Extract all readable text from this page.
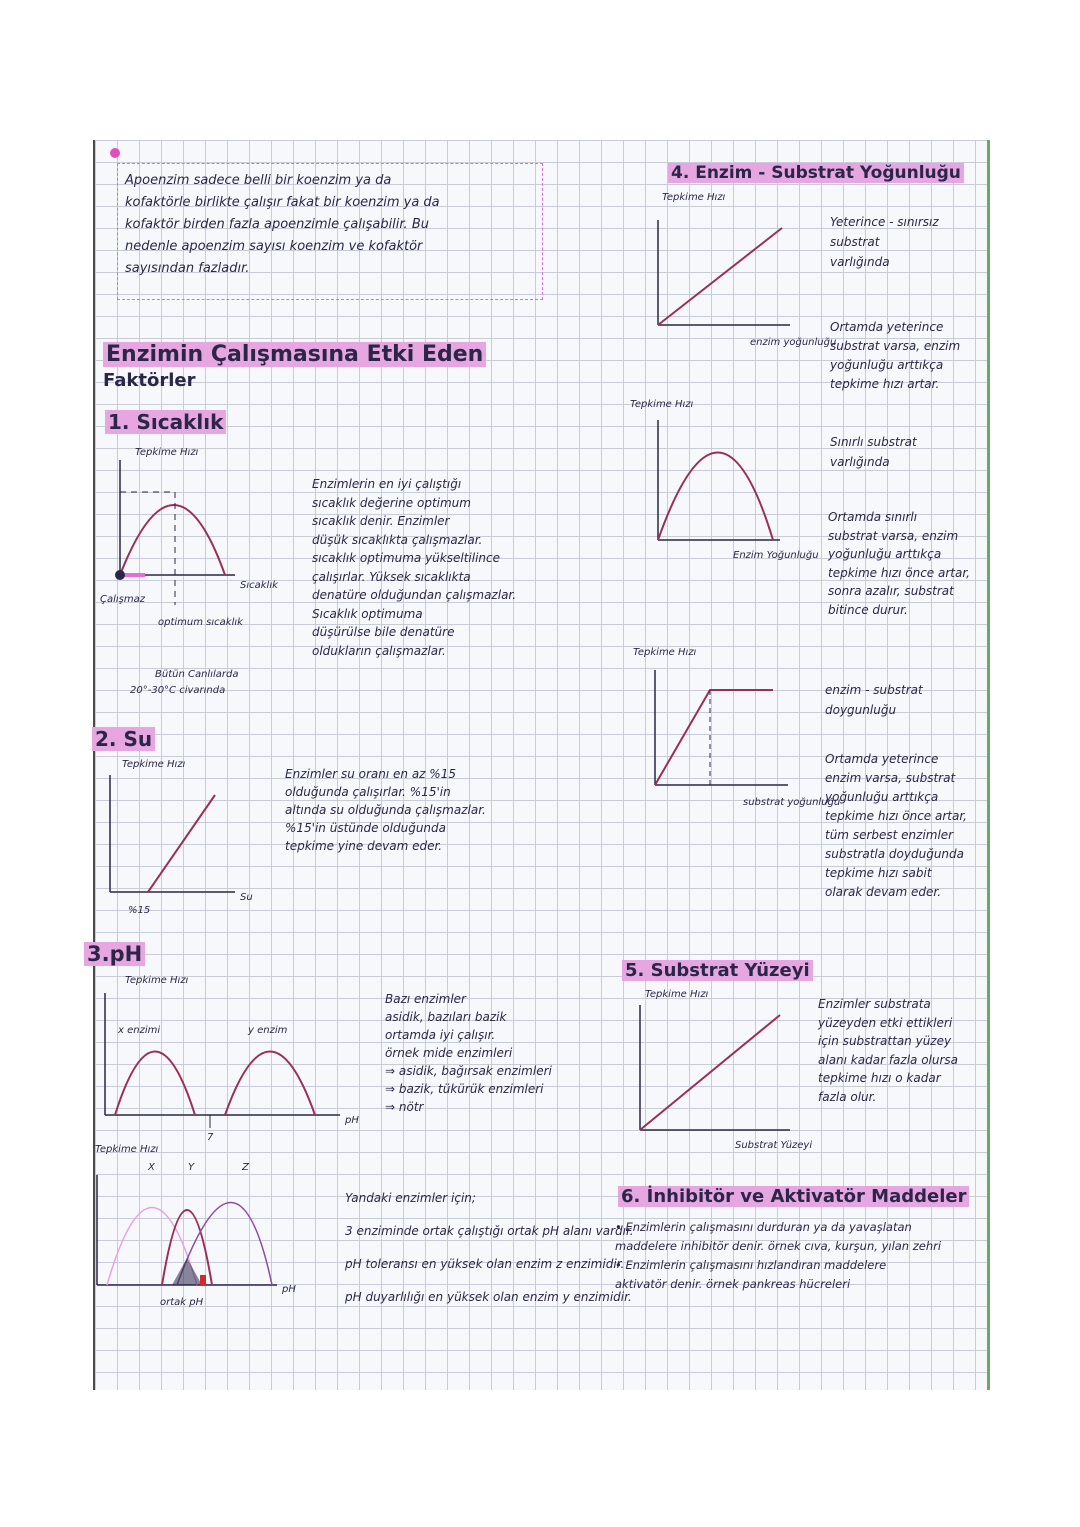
Apoenzim sadece belli bir koenzim ya da
kofaktörle birlikte çalışır fakat bir koenzim ya da
kofaktör birden fazla apoenzimle çalışabilir. Bu
nedenle apoenzim sayısı koenzim ve kofaktör
sayısından fazladır.
Enzimin Çalışmasına Etki Eden
Faktörler
1. Sıcaklık
Tepkime Hızı
Sıcaklık
Çalışmaz
optimum sıcaklık
Bütün Canlılarda
20°-30°C civarında
Enzimlerin en iyi çalıştığı
sıcaklık değerine optimum
sıcaklık denir. Enzimler
düşük sıcaklıkta çalışmazlar.
sıcaklık optimuma yükseltilince
çalışırlar. Yüksek sıcaklıkta
denatüre olduğundan çalışmazlar.
Sıcaklık optimuma
düşürülse bile denatüre
oldukların çalışmazlar.
2. Su
Tepkime Hızı
Su
%15
Enzimler su oranı en az %15
olduğunda çalışırlar. %15'in
altında su olduğunda çalışmazlar.
%15'in üstünde olduğunda
tepkime yine devam eder.
3.pH
Tepkime Hızı
x enzimi	y enzim
pH
7
Bazı enzimler
asidik, bazıları bazik
ortamda iyi çalışır.
örnek mide enzimleri
⇒ asidik, bağırsak enzimleri
⇒ bazik, tükürük enzimleri
⇒ nötr
Tepkime Hızı
X	Y	Z
pH
ortak pH
Yandaki enzimler için;
3 enziminde ortak çalıştığı ortak pH alanı vardır.
pH toleransı en yüksek olan enzim z enzimidir.
pH duyarlılığı en yüksek olan enzim y enzimidir.
4. Enzim - Substrat Yoğunluğu
Tepkime Hızı
enzim yoğunluğu
Yeterince - sınırsız
substrat
varlığında
Ortamda yeterince
substrat varsa, enzim
yoğunluğu arttıkça
tepkime hızı artar.
Tepkime Hızı
Enzim Yoğunluğu
Sınırlı substrat
varlığında
Ortamda sınırlı
substrat varsa, enzim
yoğunluğu arttıkça
tepkime hızı önce artar,
sonra azalır, substrat
bitince durur.
Tepkime Hızı
substrat yoğunluğu
enzim - substrat
doygunluğu
Ortamda yeterince
enzim varsa, substrat
yoğunluğu arttıkça
tepkime hızı önce artar,
tüm serbest enzimler
substratla doyduğunda
tepkime hızı sabit
olarak devam eder.
5. Substrat Yüzeyi
Tepkime Hızı
Substrat Yüzeyi
Enzimler substrata
yüzeyden etki ettikleri
için substrattan yüzey
alanı kadar fazla olursa
tepkime hızı o kadar
fazla olur.
6. İnhibitör ve Aktivatör Maddeler
• Enzimlerin çalışmasını durduran ya da yavaşlatan
maddelere inhibitör denir. örnek cıva, kurşun, yılan zehri
• Enzimlerin çalışmasını hızlandıran maddelere
aktivatör denir. örnek pankreas hücreleri
